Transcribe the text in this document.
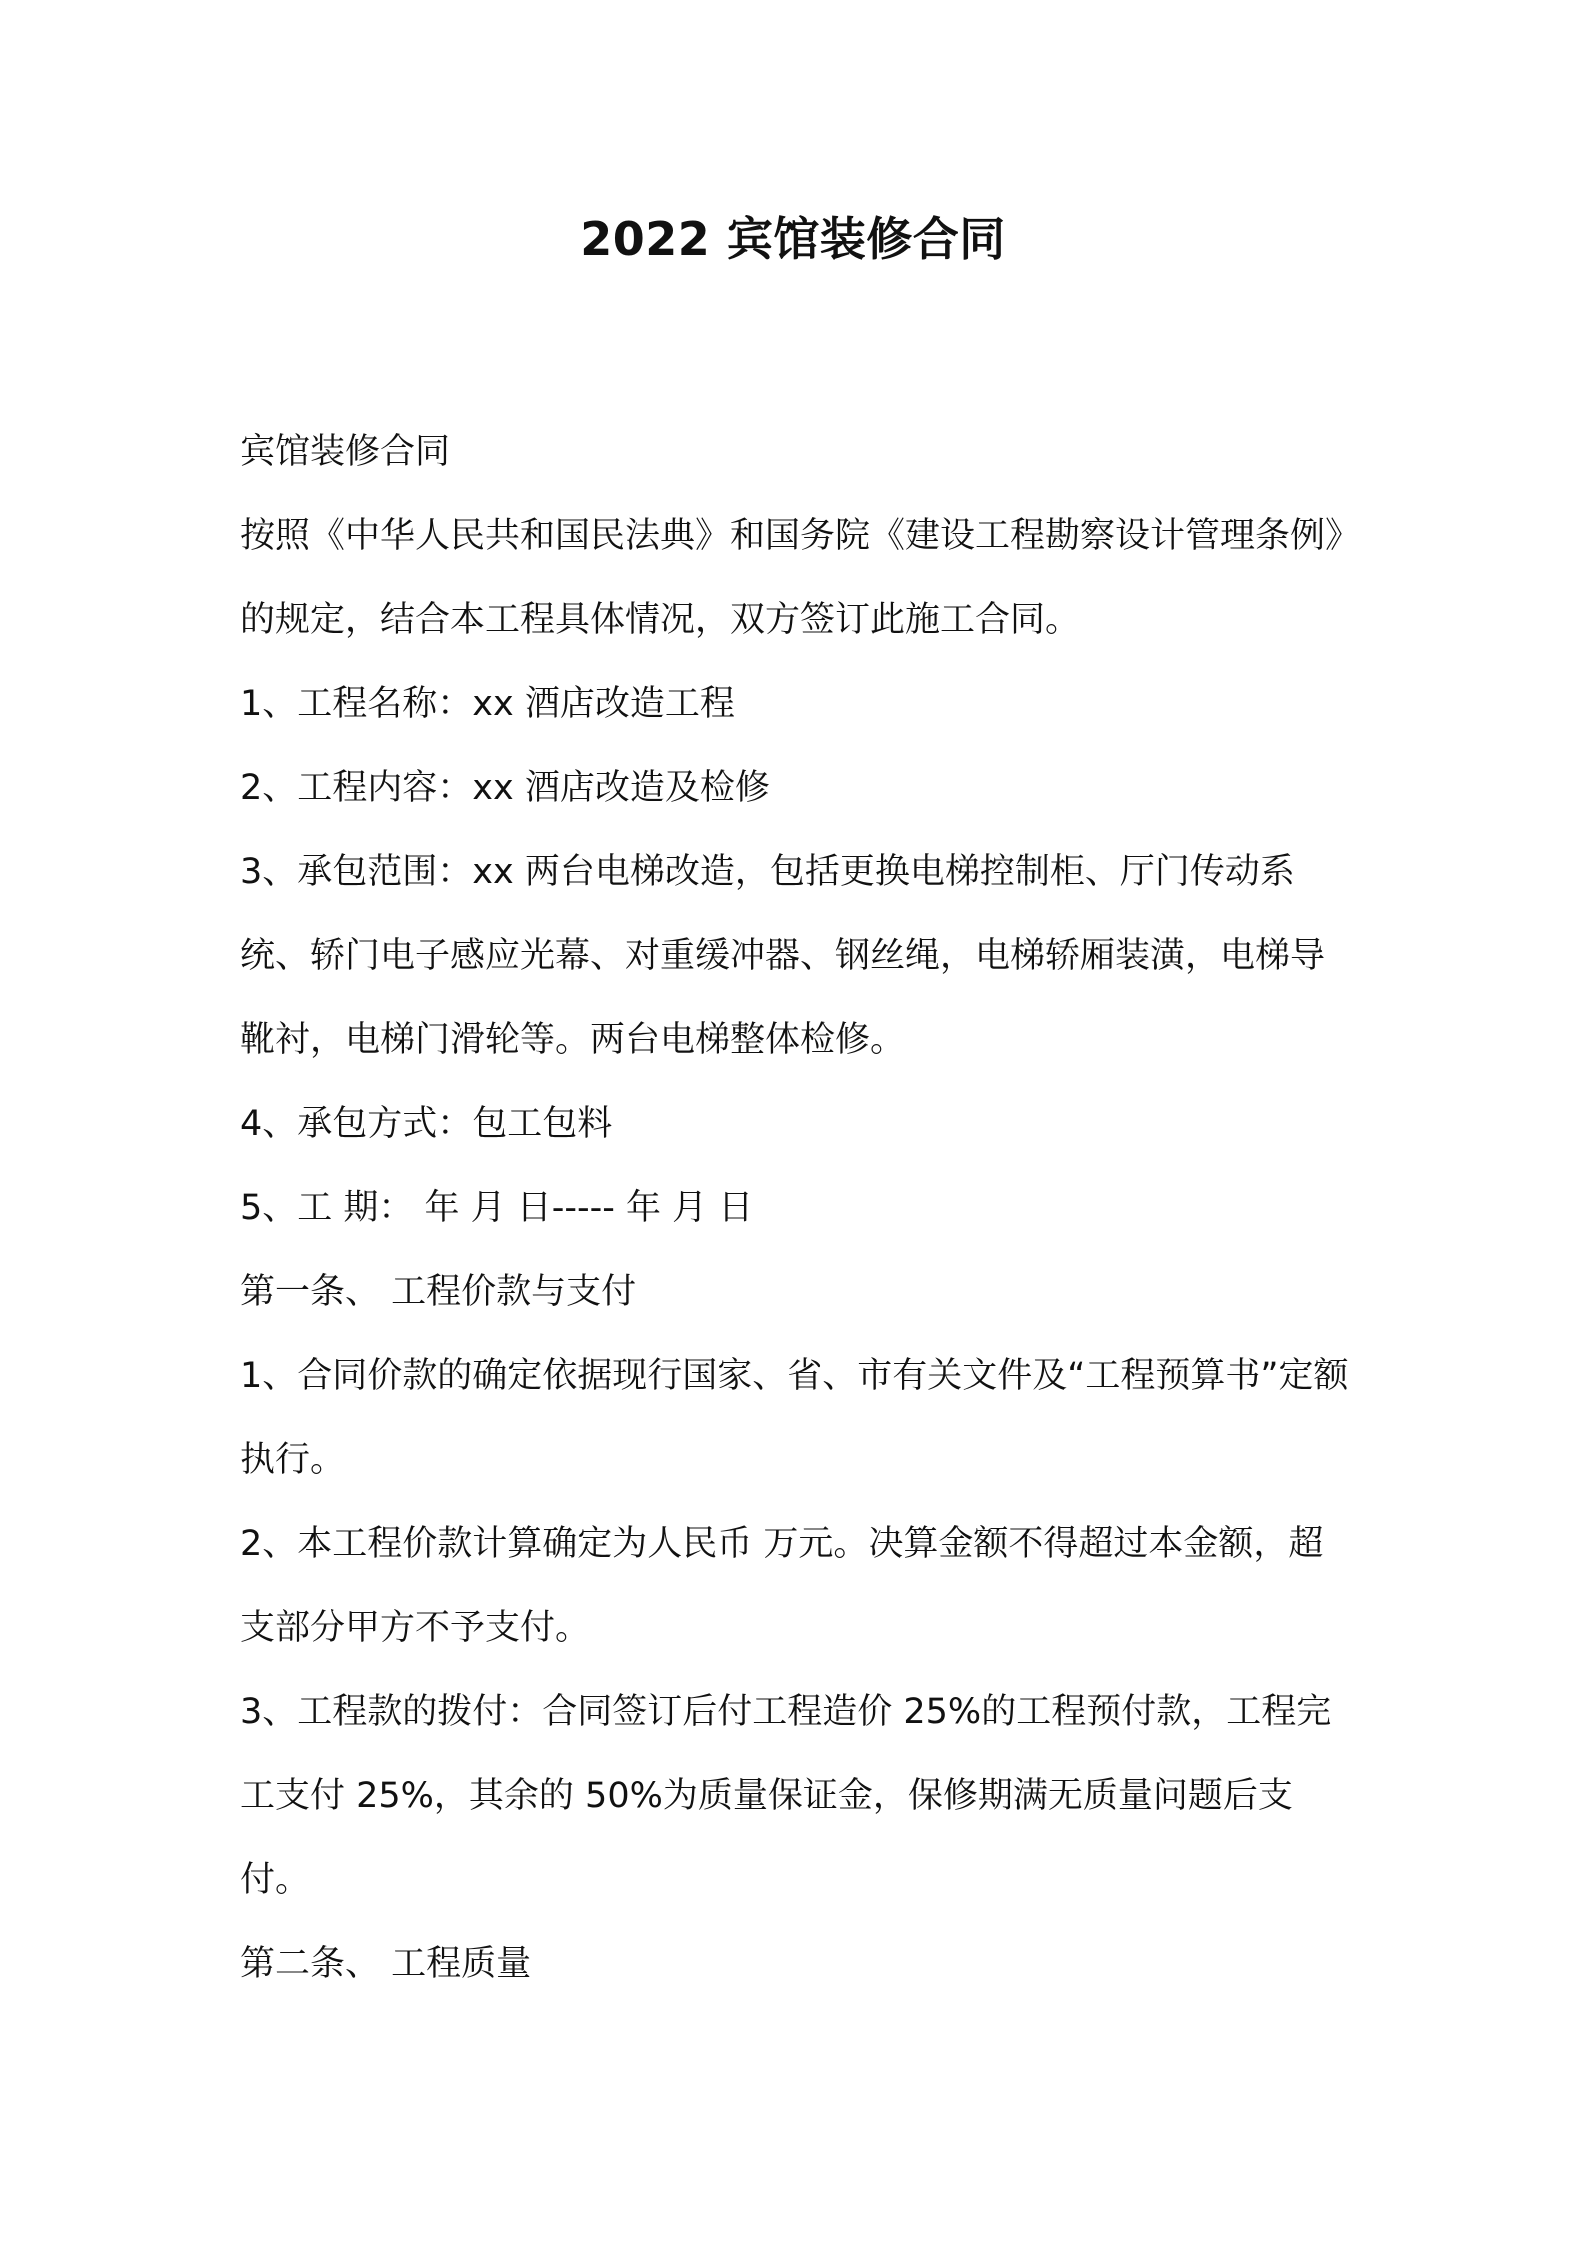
2022 宾馆装修合同

宾馆装修合同

按照《中华人民共和国民法典》和国务院《建设工程勘察设计管理条例》的规定，结合本工程具体情况，双方签订此施工合同。

1、工程名称：xx 酒店改造工程

2、工程内容：xx 酒店改造及检修

3、承包范围：xx 两台电梯改造，包括更换电梯控制柜、厅门传动系统、轿门电子感应光幕、对重缓冲器、钢丝绳，电梯轿厢装潢，电梯导靴衬，电梯门滑轮等。两台电梯整体检修。

4、承包方式：包工包料

5、工 期： 年 月 日----- 年 月 日

第一条、 工程价款与支付

1、合同价款的确定依据现行国家、省、市有关文件及“工程预算书”定额执行。

2、本工程价款计算确定为人民币 万元。决算金额不得超过本金额，超支部分甲方不予支付。

3、工程款的拨付：合同签订后付工程造价 25%的工程预付款，工程完工支付 25%，其余的 50%为质量保证金，保修期满无质量问题后支付。

第二条、 工程质量
